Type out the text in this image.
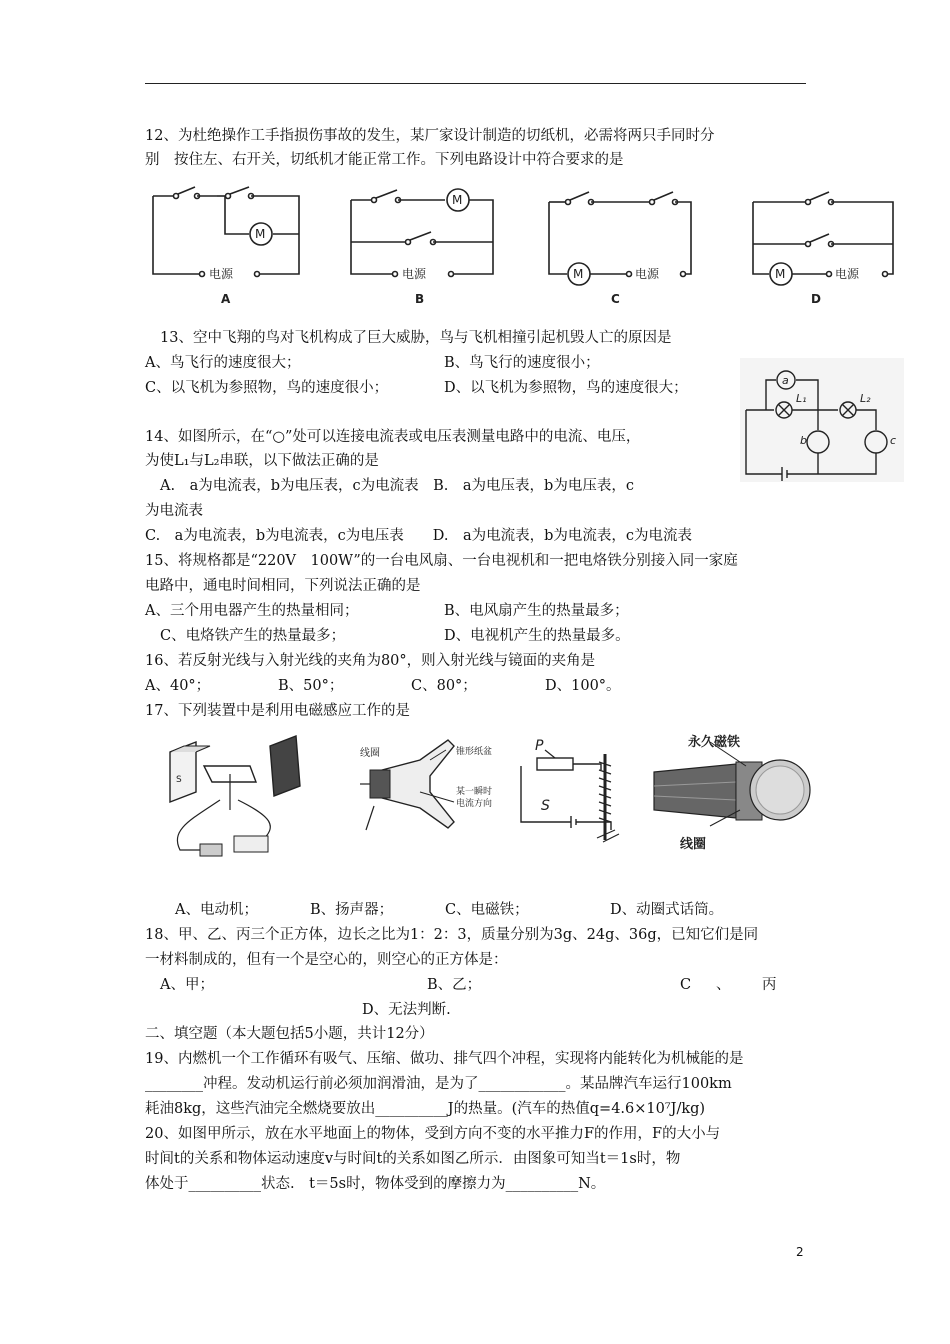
12、为杜绝操作工手指损伤事故的发生，某厂家设计制造的切纸机，必需将两只手同时分
别　按住左、右开关，切纸机才能正常工作。下列电路设计中符合要求的是
M
电源
A
M
电源
B
M	电源
C
M	电源
D
13、空中飞翔的鸟对飞机构成了巨大威胁，鸟与飞机相撞引起机毁人亡的原因是
A、鸟飞行的速度很大；	B、鸟飞行的速度很小；
C、以飞机为参照物，鸟的速度很小；	D、以飞机为参照物，鸟的速度很大；	a
L₁	L₂
b	c
14、如图所示，在“○”处可以连接电流表或电压表测量电路中的电流、电压，
为使L₁与L₂串联，以下做法正确的是
A.　a为电流表，b为电压表，c为电流表　B.　a为电压表，b为电压表，c
为电流表
C.　a为电流表，b为电流表，c为电压表　　D.　a为电流表，b为电流表，c为电流表
15、将规格都是“220V　100W”的一台电风扇、一台电视机和一把电烙铁分别接入同一家庭
电路中，通电时间相同，下列说法正确的是
A、三个用电器产生的热量相同；	B、电风扇产生的热量最多；
C、电烙铁产生的热量最多；	D、电视机产生的热量最多。
16、若反射光线与入射光线的夹角为80°，则入射光线与镜面的夹角是
A、40°；	B、50°；	C、80°；	D、100°。
17、下列装置中是利用电磁感应工作的是
S
线圈	锥形纸盆
某一瞬时
电流方向
P
S
永久磁铁
线圈
A、电动机；	B、扬声器；	C、电磁铁；	D、动圈式话筒。
18、甲、乙、丙三个正方体，边长之比为1：2：3，质量分别为3g、24g、36g，已知它们是同
一材料制成的，但有一个是空心的，则空心的正方体是：
A、甲；	B、乙；	C 、 丙
D、无法判断.
二、填空题（本大题包括5小题，共计12分）
19、内燃机一个工作循环有吸气、压缩、做功、排气四个冲程，实现将内能转化为机械能的是
________冲程。发动机运行前必须加润滑油，是为了____________。某品牌汽车运行100km
耗油8kg，这些汽油完全燃烧要放出__________J的热量。(汽车的热值q=4.6×10⁷J/kg)
20、如图甲所示，放在水平地面上的物体，受到方向不变的水平推力F的作用，F的大小与
时间t的关系和物体运动速度v与时间t的关系如图乙所示．由图象可知当t＝1s时，物
体处于__________状态.　t＝5s时，物体受到的摩擦力为__________N。
2
